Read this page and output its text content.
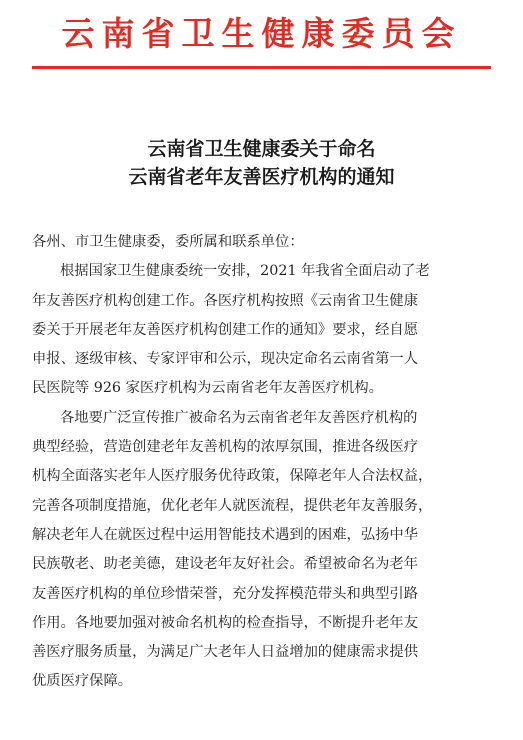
云南省卫生健康委员会
云南省卫生健康委关于命名
云南省老年友善医疗机构的通知
各州、市卫生健康委，委所属和联系单位：
根据国家卫生健康委统一安排，2021 年我省全面启动了老
年友善医疗机构创建工作。各医疗机构按照《云南省卫生健康
委关于开展老年友善医疗机构创建工作的通知》要求，经自愿
申报、逐级审核、专家评审和公示，现决定命名云南省第一人
民医院等 926 家医疗机构为云南省老年友善医疗机构。
各地要广泛宣传推广被命名为云南省老年友善医疗机构的
典型经验，营造创建老年友善机构的浓厚氛围，推进各级医疗
机构全面落实老年人医疗服务优待政策，保障老年人合法权益，
完善各项制度措施，优化老年人就医流程，提供老年友善服务，
解决老年人在就医过程中运用智能技术遇到的困难，弘扬中华
民族敬老、助老美德，建设老年友好社会。希望被命名为老年
友善医疗机构的单位珍惜荣誉，充分发挥模范带头和典型引路
作用。各地要加强对被命名机构的检查指导，不断提升老年友
善医疗服务质量，为满足广大老年人日益增加的健康需求提供
优质医疗保障。
